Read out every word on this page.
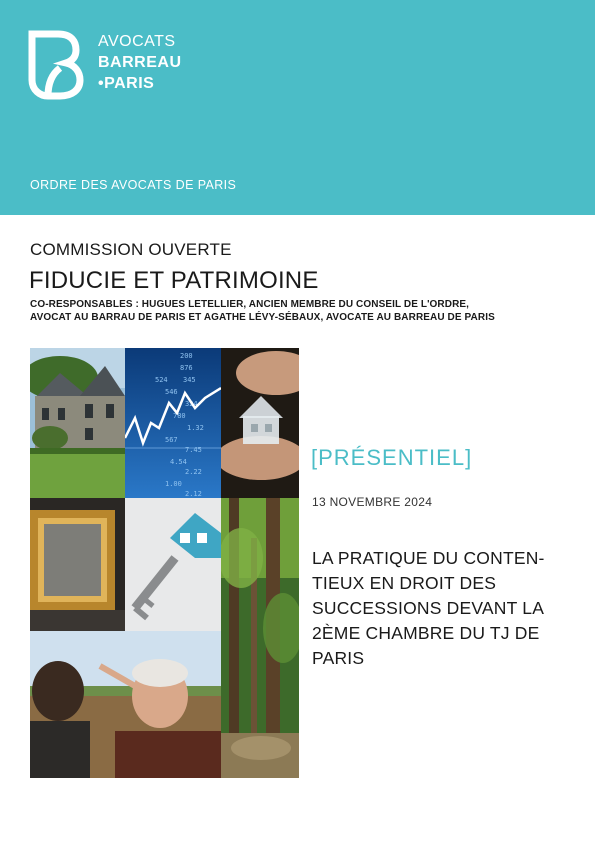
AVOCATS
BARREAU
•PARIS
ORDRE DES AVOCATS DE PARIS
COMMISSION OUVERTE
FIDUCIE ET PATRIMOINE
CO-RESPONSABLES : HUGUES LETELLIER, ANCIEN MEMBRE DU CONSEIL DE L'ORDRE,
AVOCAT AU BARRAU DE PARIS ET AGATHE LÉVY-SÉBAUX, AVOCATE AU BARREAU DE PARIS
200
876
524 345
546
324
780
1.32
567
7.45
4.54
2.22
1.00
2.12
[PRÉSENTIEL]
13 NOVEMBRE 2024
LA PRATIQUE DU CONTEN-
TIEUX EN DROIT DES
SUCCESSIONS DEVANT LA
2ÈME CHAMBRE DU TJ DE
PARIS
